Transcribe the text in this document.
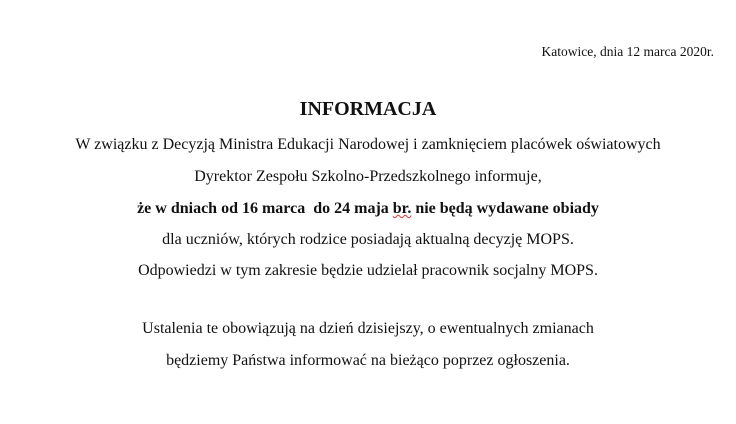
Katowice, dnia 12 marca 2020r.
INFORMACJA
W związku z Decyzją Ministra Edukacji Narodowej i zamknięciem placówek oświatowych
Dyrektor Zespołu Szkolno-Przedszkolnego informuje,
że w dniach od 16 marca  do 24 maja br. nie będą wydawane obiady
dla uczniów, których rodzice posiadają aktualną decyzję MOPS.
Odpowiedzi w tym zakresie będzie udzielał pracownik socjalny MOPS.
Ustalenia te obowiązują na dzień dzisiejszy, o ewentualnych zmianach
będziemy Państwa informować na bieżąco poprzez ogłoszenia.
